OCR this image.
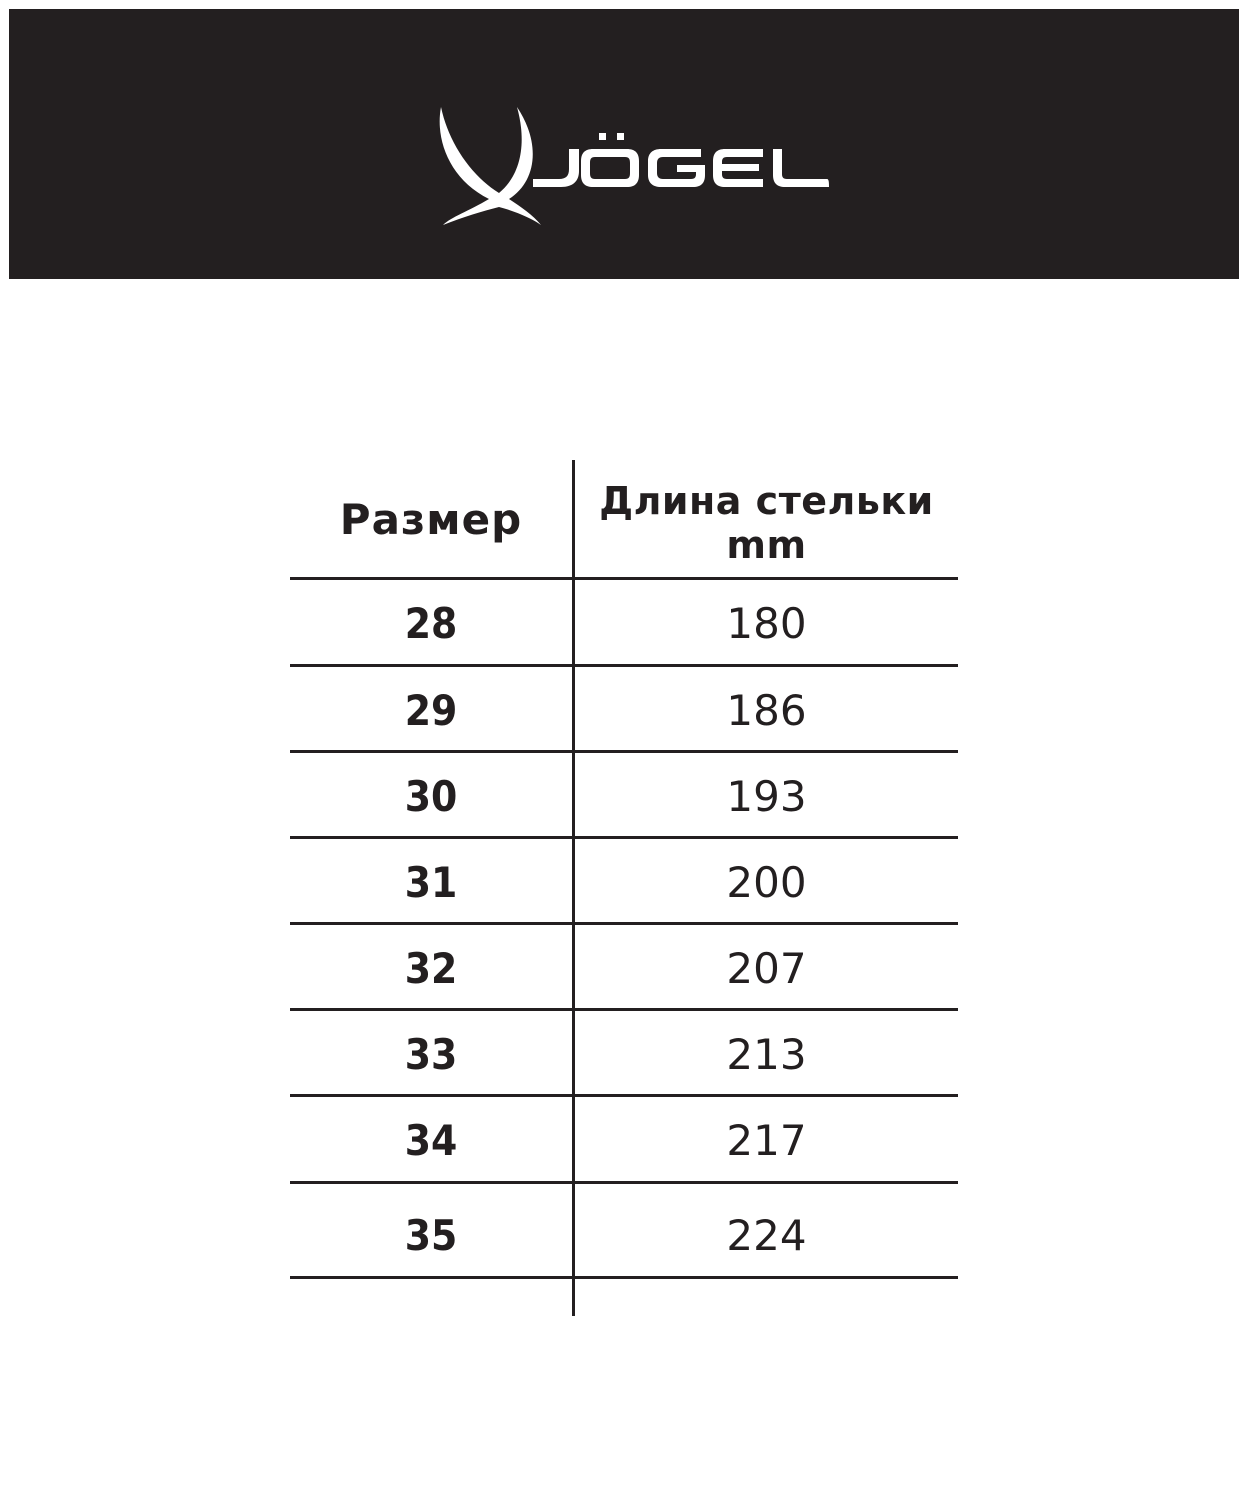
Размер	Длина стельки
mm
28	180
29	186
30	193
31	200
32	207
33	213
34	217
35	224
